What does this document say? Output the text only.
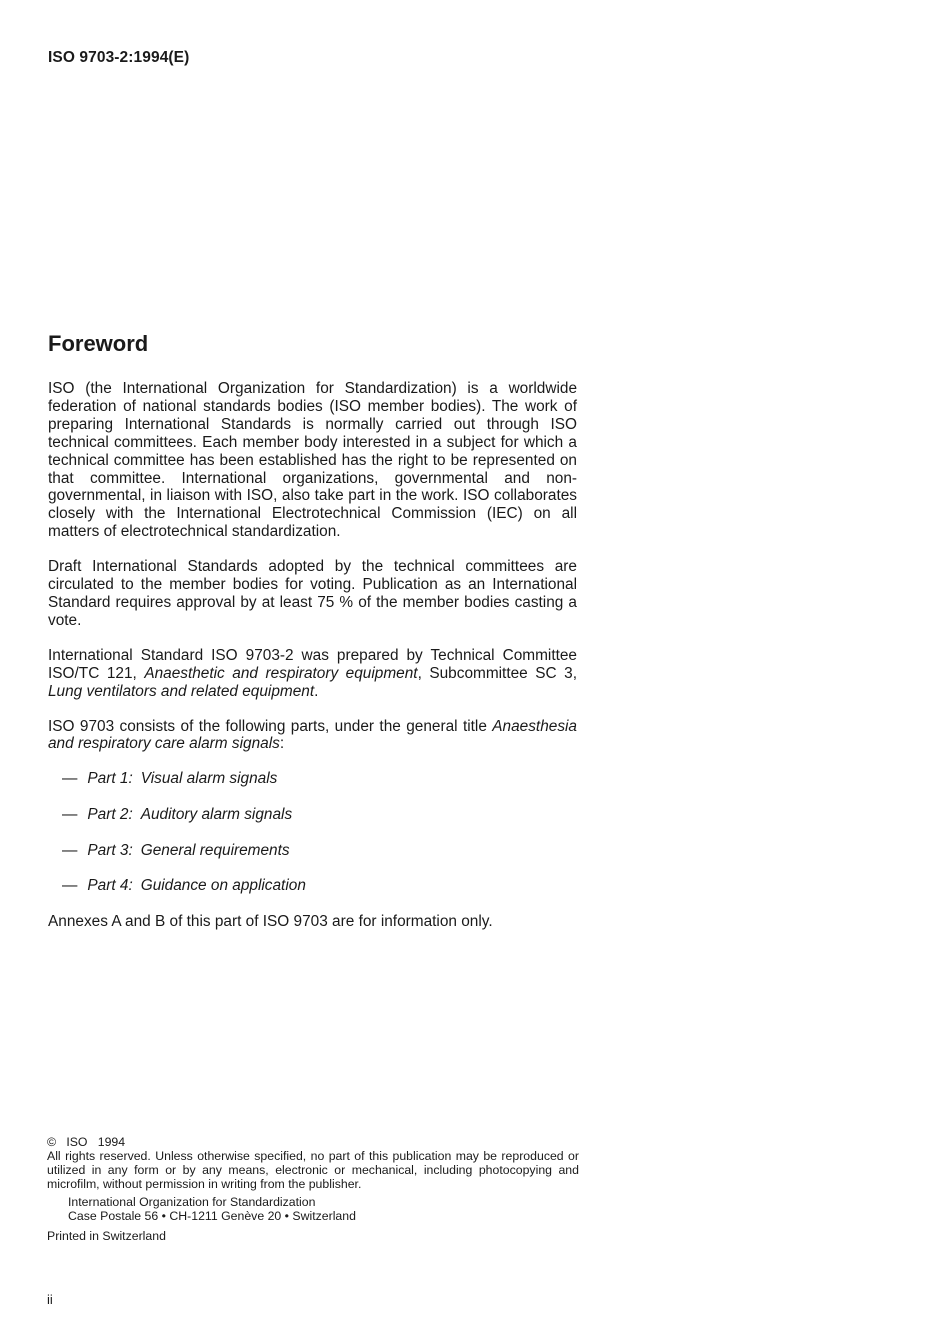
ISO 9703-2:1994(E)
Foreword

ISO (the International Organization for Standardization) is a worldwide federation of national standards bodies (ISO member bodies). The work of preparing International Standards is normally carried out through ISO technical committees. Each member body interested in a subject for which a technical committee has been established has the right to be represented on that committee. International organizations, governmental and non-governmental, in liaison with ISO, also take part in the work. ISO collaborates closely with the International Electrotechnical Commission (IEC) on all matters of electrotechnical standardization.

Draft International Standards adopted by the technical committees are circulated to the member bodies for voting. Publication as an International Standard requires approval by at least 75 % of the member bodies casting a vote.

International Standard ISO 9703-2 was prepared by Technical Committee ISO/TC 121, Anaesthetic and respiratory equipment, Subcommittee SC 3, Lung ventilators and related equipment.

ISO 9703 consists of the following parts, under the general title Anaesthesia and respiratory care alarm signals:

— Part 1: Visual alarm signals
— Part 2: Auditory alarm signals
— Part 3: General requirements
— Part 4: Guidance on application

Annexes A and B of this part of ISO 9703 are for information only.

© ISO 1994
All rights reserved. Unless otherwise specified, no part of this publication may be reproduced or utilized in any form or by any means, electronic or mechanical, including photocopying and microfilm, without permission in writing from the publisher.
International Organization for Standardization
Case Postale 56 • CH-1211 Genève 20 • Switzerland
Printed in Switzerland
ii
